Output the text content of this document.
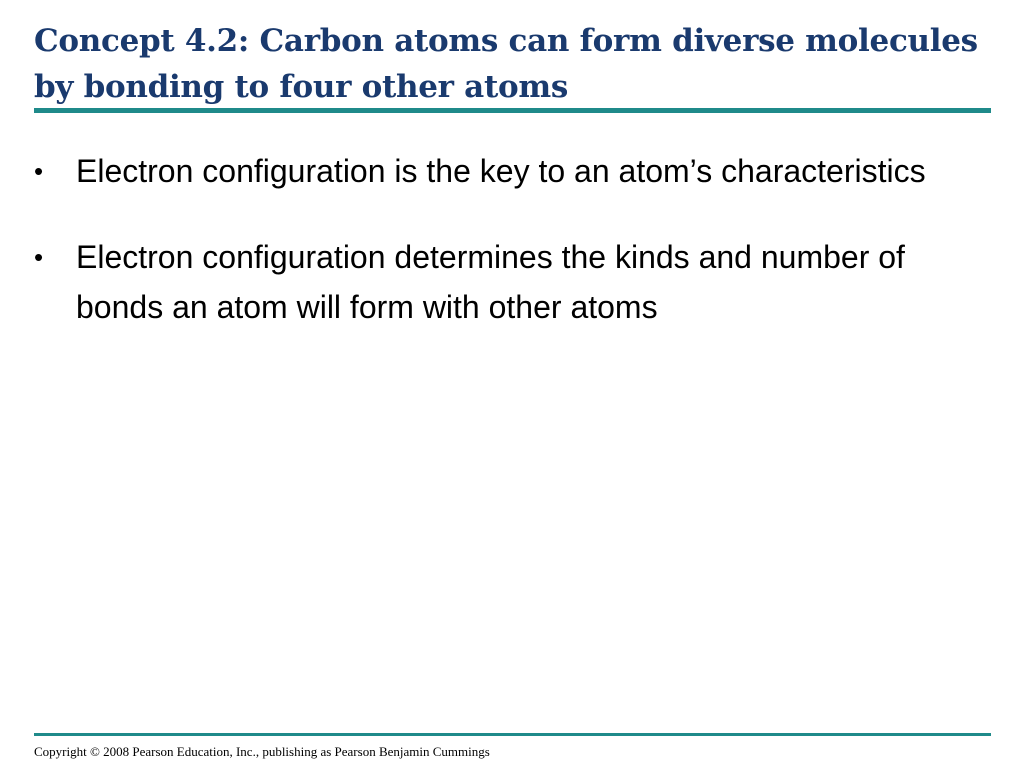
Concept 4.2: Carbon atoms can form diverse molecules by bonding to four other atoms
• Electron configuration is the key to an atom’s characteristics
• Electron configuration determines the kinds and number of bonds an atom will form with other atoms
Copyright © 2008 Pearson Education, Inc., publishing as Pearson Benjamin Cummings
